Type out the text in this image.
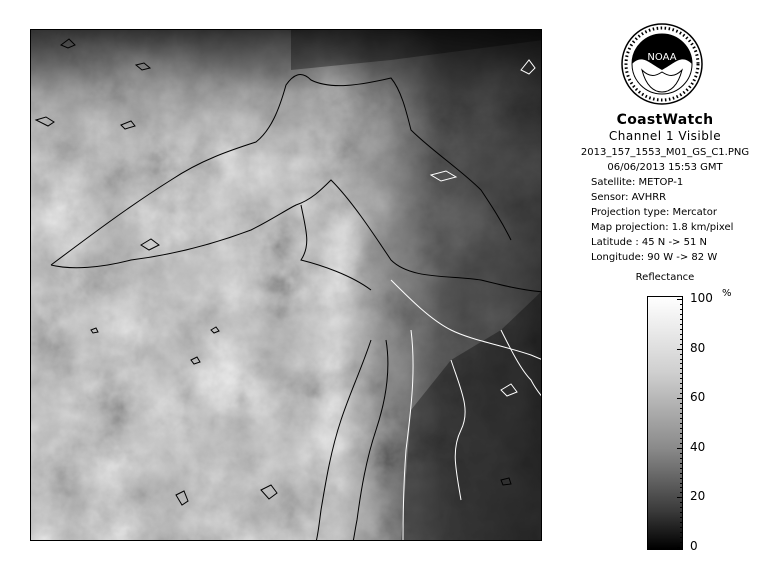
NOAA
CoastWatch
Channel 1 Visible
2013_157_1553_M01_GS_C1.PNG
06/06/2013 15:53 GMT
Satellite: METOP-1
Sensor: AVHRR
Projection type: Mercator
Map projection: 1.8 km/pixel
Latitude : 45 N -> 51 N
Longitude: 90 W -> 82 W
Reflectance
%
100
80
60
40
20
0
